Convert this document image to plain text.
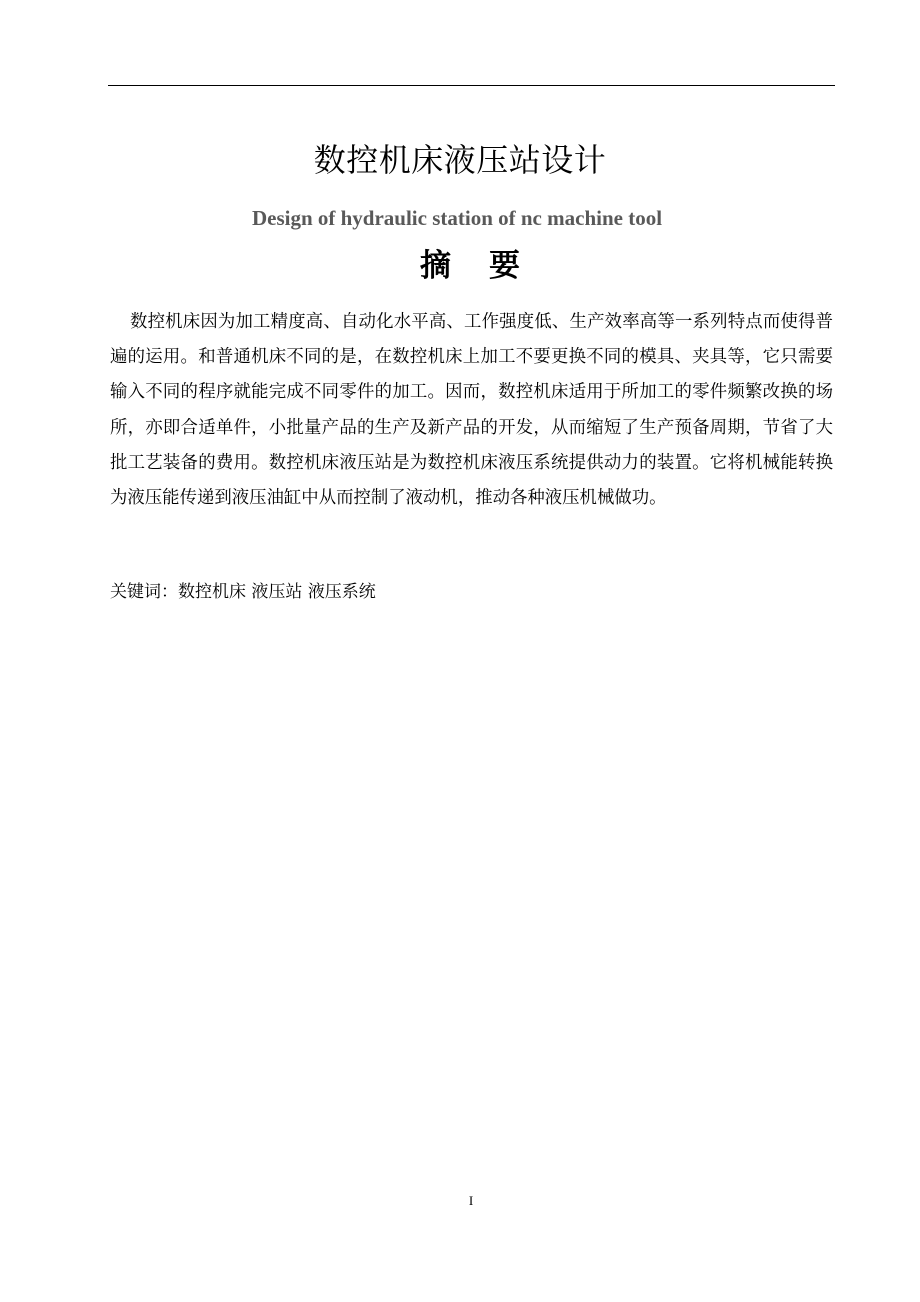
数控机床液压站设计
Design of hydraulic station of nc machine tool
摘 要

数控机床因为加工精度高、自动化水平高、工作强度低、生产效率高等一系列特点而使得普遍的运用。和普通机床不同的是，在数控机床上加工不要更换不同的模具、夹具等，它只需要输入不同的程序就能完成不同零件的加工。因而，数控机床适用于所加工的零件频繁改换的场所，亦即合适单件，小批量产品的生产及新产品的开发，从而缩短了生产预备周期，节省了大批工艺装备的费用。数控机床液压站是为数控机床液压系统提供动力的装置。它将机械能转换为液压能传递到液压油缸中从而控制了液动机，推动各种液压机械做功。

关键词：数控机床 液压站 液压系统
I
